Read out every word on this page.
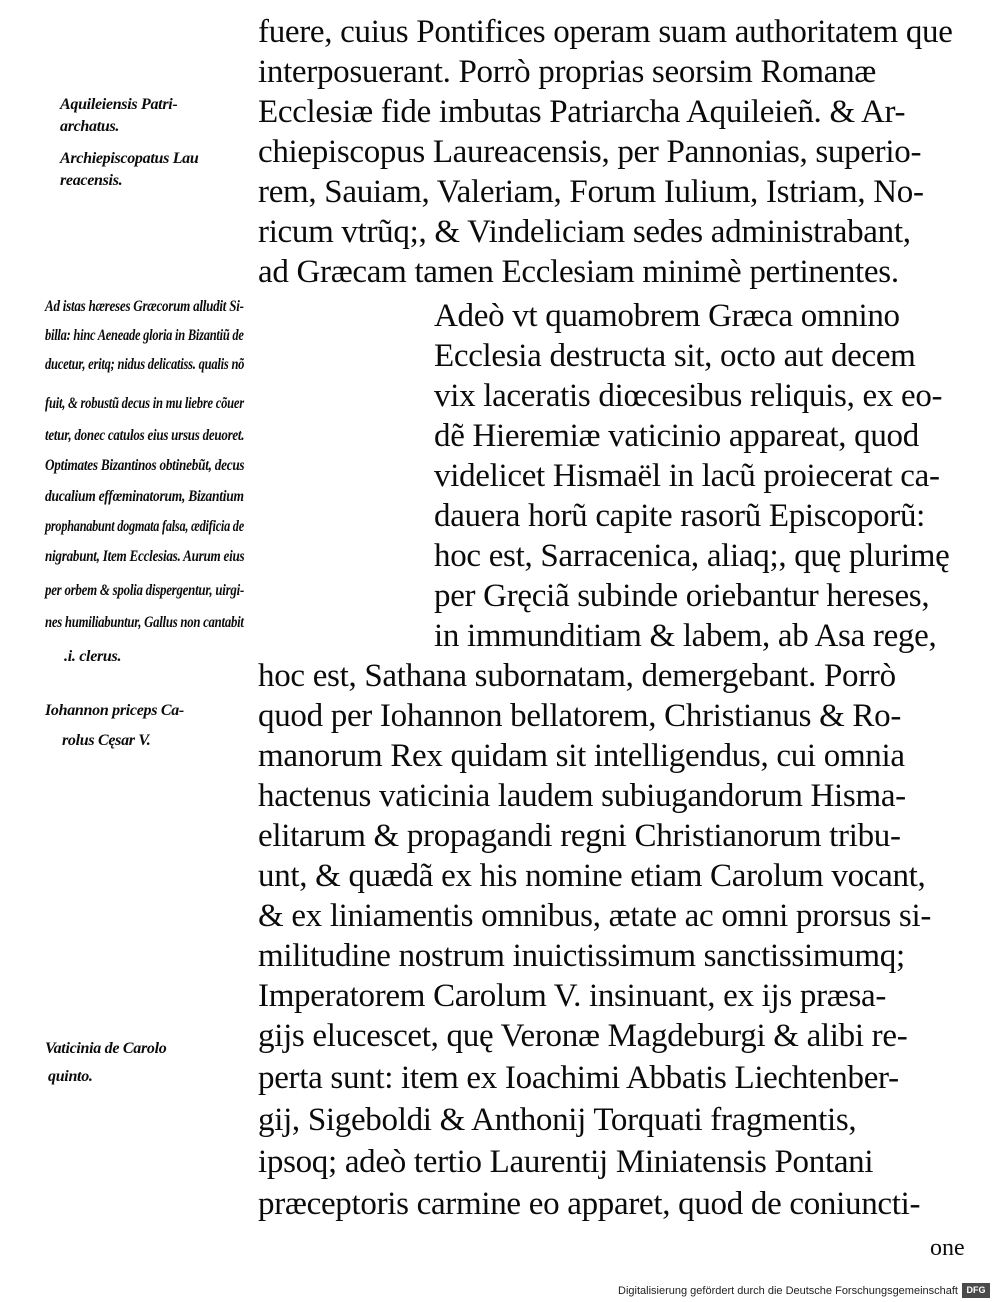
fuere, cuius Pontifices operam suam authoritatem que
interposuerant. Porrò proprias seorsim Romanæ
Ecclesiæ fide imbutas Patriarcha Aquileieñ. & Ar-
chiepiscopus Laureacensis, per Pannonias, superio-
rem, Sauiam, Valeriam, Forum Iulium, Istriam, No-
ricum vtrũq;, & Vindeliciam sedes administrabant,
ad Græcam tamen Ecclesiam minimè pertinentes.
Adeò vt quamobrem Græca omnino
Ecclesia destructa sit, octo aut decem
vix laceratis diœcesibus reliquis, ex eo-
dẽ Hieremiæ vaticinio appareat, quod
videlicet Hismaël in lacũ proiecerat ca-
dauera horũ capite rasorũ Episcoporũ:
hoc est, Sarracenica, aliaq;, quę plurimę
per Gręciã subinde oriebantur hereses,
in immunditiam & labem, ab Asa rege,
hoc est, Sathana subornatam, demergebant. Porrò
quod per Iohannon bellatorem, Christianus & Ro-
manorum Rex quidam sit intelligendus, cui omnia
hactenus vaticinia laudem subiugandorum Hisma-
elitarum & propagandi regni Christianorum tribu-
unt, & quædã ex his nomine etiam Carolum vocant,
& ex liniamentis omnibus, ætate ac omni prorsus si-
militudine nostrum inuictissimum sanctissimumq;
Imperatorem Carolum V. insinuant, ex ijs præsa-
gijs elucescet, quę Veronæ Magdeburgi & alibi re-
perta sunt: item ex Ioachimi Abbatis Liechtenber-
gij, Sigeboldi & Anthonij Torquati fragmentis,
ipsoq; adeò tertio Laurentij Miniatensis Pontani
præceptoris carmine eo apparet, quod de coniuncti-
one
Aquileiensis Patri-
archatus.
Archiepiscopatus Lau
reacensis.
Ad istas hæreses Græcorum alludit Si-
billa: hinc Aeneade gloria in Bizantiũ de
ducetur, eritq; nidus delicatiss. qualis nõ
fuit, & robustũ decus in mu liebre cõuer
tetur, donec catulos eius ursus deuoret.
Optimates Bizantinos obtinebũt, decus
ducalium effœminatorum, Bizantium
prophanabunt dogmata falsa, ædificia de
nigrabunt, Item Ecclesias. Aurum eius
per orbem & spolia dispergentur, uirgi-
nes humiliabuntur, Gallus non cantabit
.i. clerus.
Iohannon priceps Ca-
rolus Cęsar V.
Vaticinia de Carolo
quinto.
Digitalisierung gefördert durch die Deutsche Forschungsgemeinschaft DFG
